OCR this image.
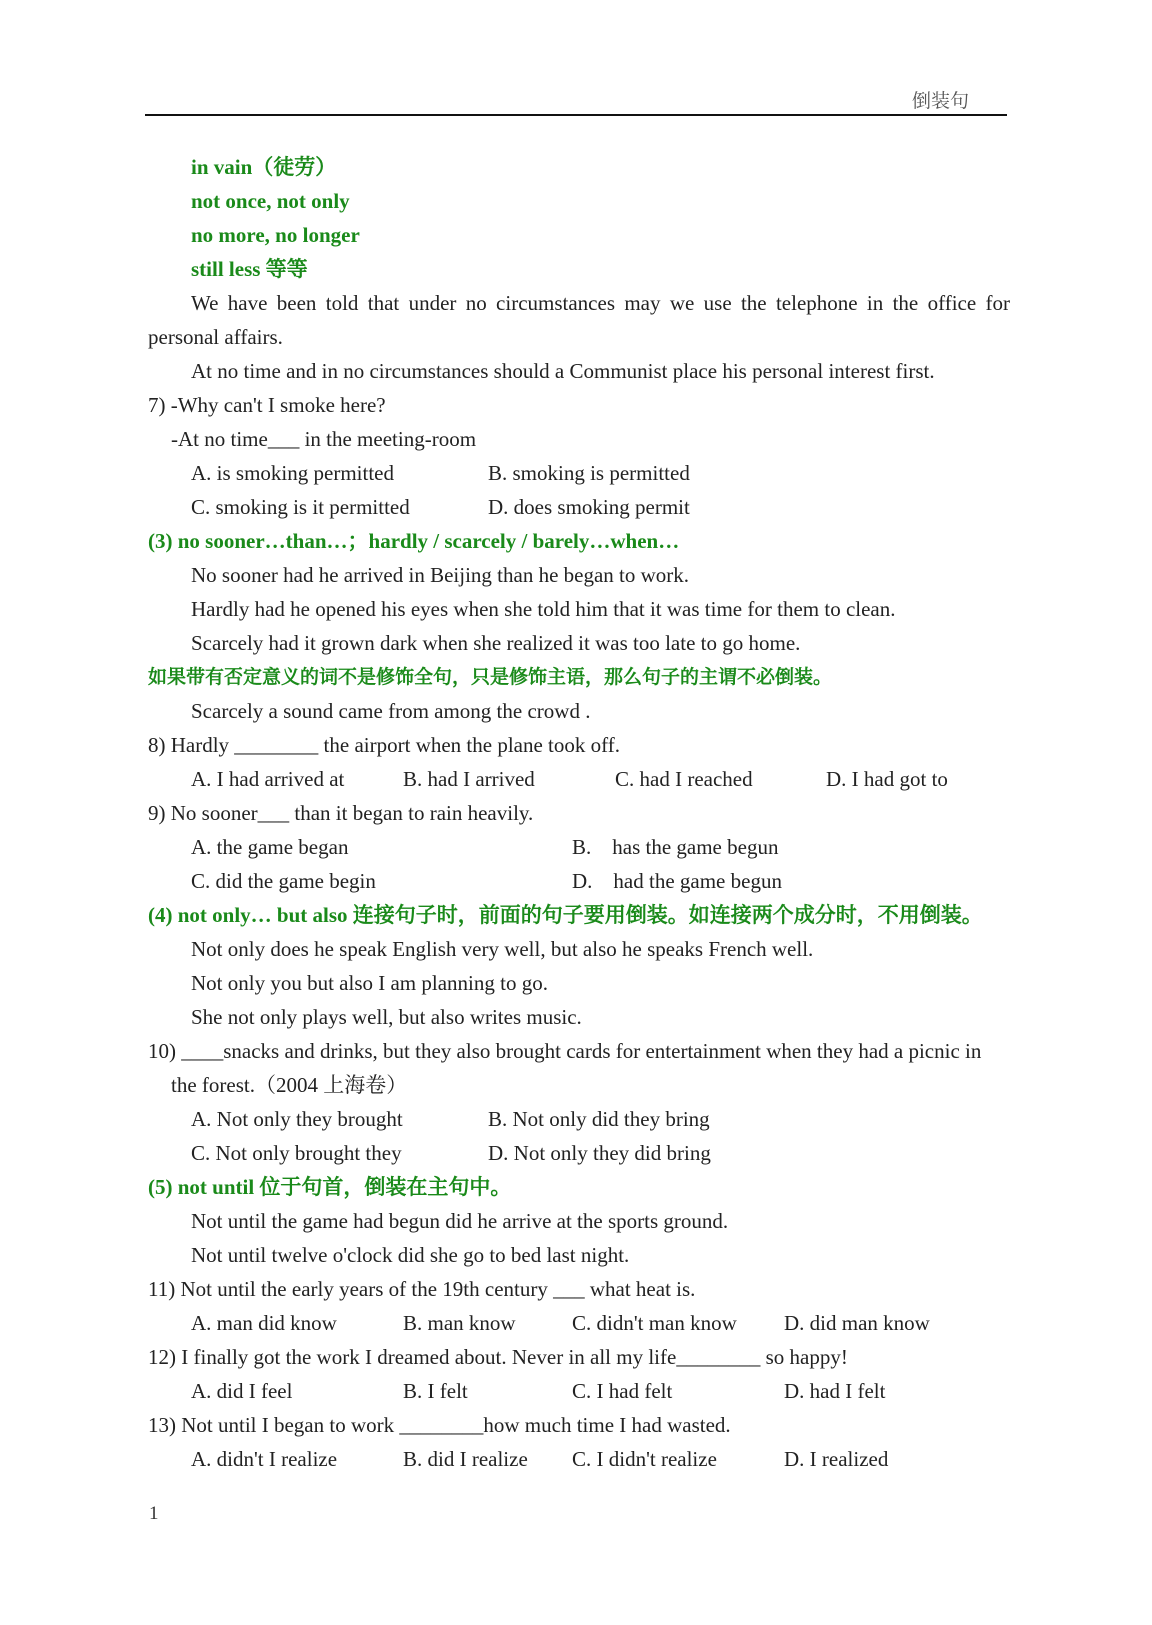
倒装句
in vain（徒劳）
not once, not only
no more, no longer
still less 等等
We have been told that under no circumstances may we use the telephone in the office for personal affairs.
At no time and in no circumstances should a Communist place his personal interest first.
7) -Why can't I smoke here?
-At no time___ in the meeting-room
A. is smoking permitted	B. smoking is permitted
C. smoking is it permitted	D. does smoking permit
(3) no sooner…than…；hardly / scarcely / barely…when…
No sooner had he arrived in Beijing than he began to work.
Hardly had he opened his eyes when she told him that it was time for them to clean.
Scarcely had it grown dark when she realized it was too late to go home.
如果带有否定意义的词不是修饰全句，只是修饰主语，那么句子的主谓不必倒装。
Scarcely a sound came from among the crowd .
8) Hardly ________ the airport when the plane took off.
A. I had arrived at	B. had I arrived	C. had I reached	D. I had got to
9) No sooner___ than it began to rain heavily.
A. the game began	B.    has the game begun
C. did the game begin	D.    had the game begun
(4) not only… but also 连接句子时，前面的句子要用倒装。如连接两个成分时，不用倒装。
Not only does he speak English very well, but also he speaks French well.
Not only you but also I am planning to go.
She not only plays well, but also writes music.
10) ____snacks and drinks, but they also brought cards for entertainment when they had a picnic in the forest.（2004 上海卷）
A. Not only they brought	B. Not only did they bring
C. Not only brought they	D. Not only they did bring
(5) not until 位于句首，倒装在主句中。
Not until the game had begun did he arrive at the sports ground.
Not until twelve o'clock did she go to bed last night.
11) Not until the early years of the 19th century ___ what heat is.
A. man did know	B. man know	C. didn't man know D. did man know
12) I finally got the work I dreamed about. Never in all my life________ so happy!
A. did I feel	B. I felt	C. I had felt	D. had I felt
13) Not until I began to work ________how much time I had wasted.
A. didn't I realize	B. did I realize C. I didn't realize	D. I realized
1
